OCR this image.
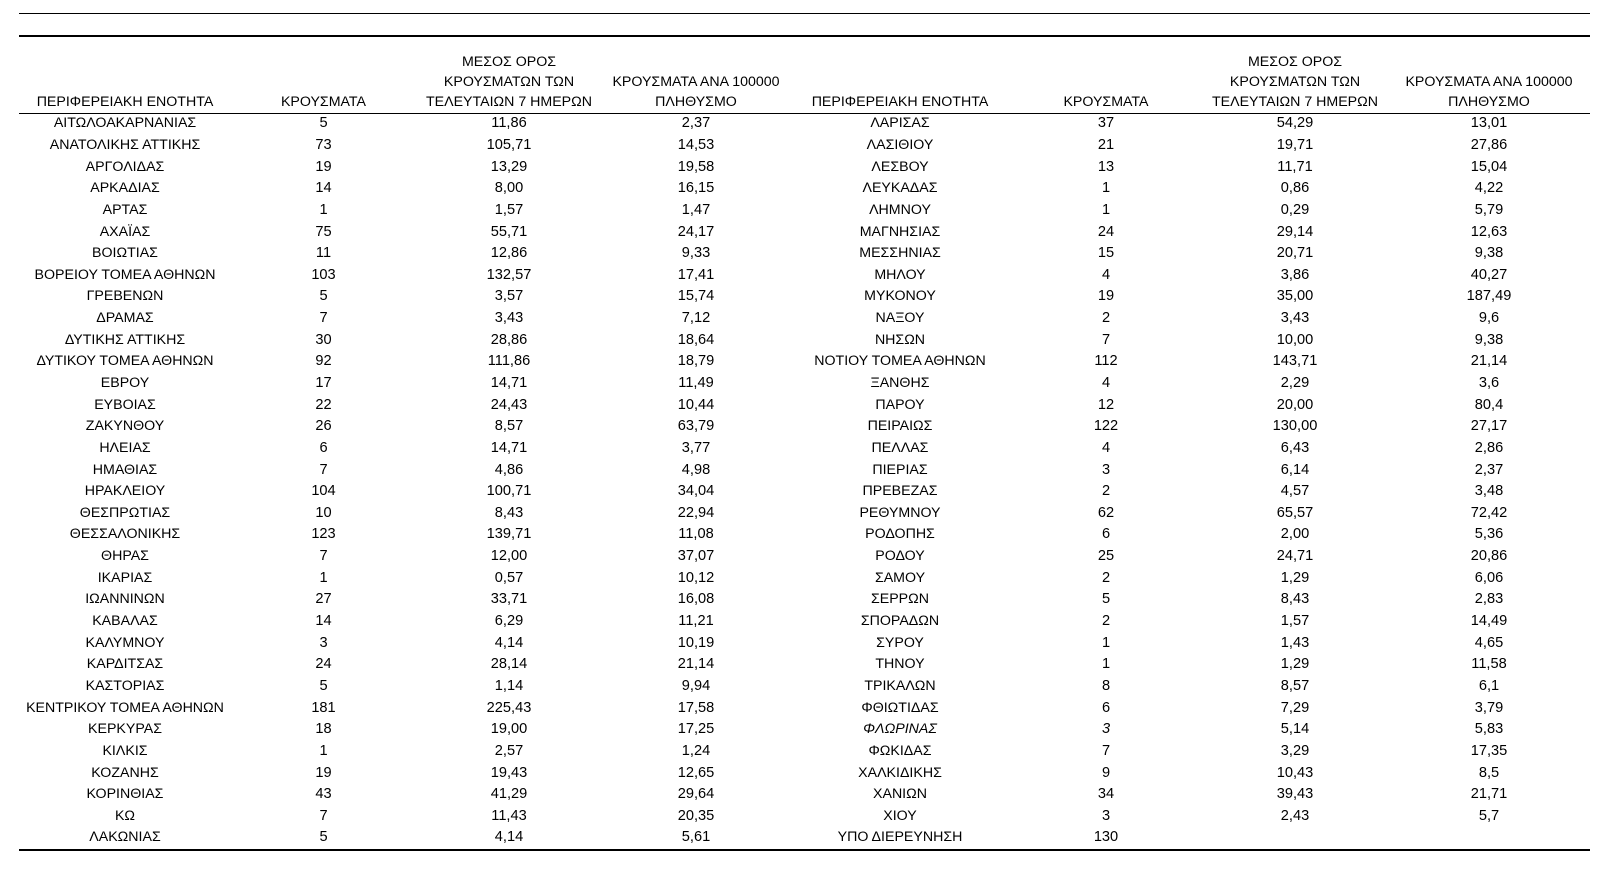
ΠΕΡΙΦΕΡΕΙΑΚΗ ΕΝΟΤΗΤΑ	ΚΡΟΥΣΜΑΤΑ	ΜΕΣΟΣ ΟΡΟΣ
ΚΡΟΥΣΜΑΤΩΝ ΤΩΝ
ΤΕΛΕΥΤΑΙΩΝ 7 ΗΜΕΡΩΝ	ΚΡΟΥΣΜΑΤΑ ΑΝΑ 100000
ΠΛΗΘΥΣΜΟ	ΠΕΡΙΦΕΡΕΙΑΚΗ ΕΝΟΤΗΤΑ	ΚΡΟΥΣΜΑΤΑ	ΜΕΣΟΣ ΟΡΟΣ
ΚΡΟΥΣΜΑΤΩΝ ΤΩΝ
ΤΕΛΕΥΤΑΙΩΝ 7 ΗΜΕΡΩΝ	ΚΡΟΥΣΜΑΤΑ ΑΝΑ 100000
ΠΛΗΘΥΣΜΟ
ΑΙΤΩΛΟΑΚΑΡΝΑΝΙΑΣ	5	11,86	2,37	ΛΑΡΙΣΑΣ	37	54,29	13,01
ΑΝΑΤΟΛΙΚΗΣ ΑΤΤΙΚΗΣ	73	105,71	14,53	ΛΑΣΙΘΙΟΥ	21	19,71	27,86
ΑΡΓΟΛΙΔΑΣ	19	13,29	19,58	ΛΕΣΒΟΥ	13	11,71	15,04
ΑΡΚΑΔΙΑΣ	14	8,00	16,15	ΛΕΥΚΑΔΑΣ	1	0,86	4,22
ΑΡΤΑΣ	1	1,57	1,47	ΛΗΜΝΟΥ	1	0,29	5,79
ΑΧΑΪΑΣ	75	55,71	24,17	ΜΑΓΝΗΣΙΑΣ	24	29,14	12,63
ΒΟΙΩΤΙΑΣ	11	12,86	9,33	ΜΕΣΣΗΝΙΑΣ	15	20,71	9,38
ΒΟΡΕΙΟΥ ΤΟΜΕΑ ΑΘΗΝΩΝ	103	132,57	17,41	ΜΗΛΟΥ	4	3,86	40,27
ΓΡΕΒΕΝΩΝ	5	3,57	15,74	ΜΥΚΟΝΟΥ	19	35,00	187,49
ΔΡΑΜΑΣ	7	3,43	7,12	ΝΑΞΟΥ	2	3,43	9,6
ΔΥΤΙΚΗΣ ΑΤΤΙΚΗΣ	30	28,86	18,64	ΝΗΣΩΝ	7	10,00	9,38
ΔΥΤΙΚΟΥ ΤΟΜΕΑ ΑΘΗΝΩΝ	92	111,86	18,79	ΝΟΤΙΟΥ ΤΟΜΕΑ ΑΘΗΝΩΝ	112	143,71	21,14
ΕΒΡΟΥ	17	14,71	11,49	ΞΑΝΘΗΣ	4	2,29	3,6
ΕΥΒΟΙΑΣ	22	24,43	10,44	ΠΑΡΟΥ	12	20,00	80,4
ΖΑΚΥΝΘΟΥ	26	8,57	63,79	ΠΕΙΡΑΙΩΣ	122	130,00	27,17
ΗΛΕΙΑΣ	6	14,71	3,77	ΠΕΛΛΑΣ	4	6,43	2,86
ΗΜΑΘΙΑΣ	7	4,86	4,98	ΠΙΕΡΙΑΣ	3	6,14	2,37
ΗΡΑΚΛΕΙΟΥ	104	100,71	34,04	ΠΡΕΒΕΖΑΣ	2	4,57	3,48
ΘΕΣΠΡΩΤΙΑΣ	10	8,43	22,94	ΡΕΘΥΜΝΟΥ	62	65,57	72,42
ΘΕΣΣΑΛΟΝΙΚΗΣ	123	139,71	11,08	ΡΟΔΟΠΗΣ	6	2,00	5,36
ΘΗΡΑΣ	7	12,00	37,07	ΡΟΔΟΥ	25	24,71	20,86
ΙΚΑΡΙΑΣ	1	0,57	10,12	ΣΑΜΟΥ	2	1,29	6,06
ΙΩΑΝΝΙΝΩΝ	27	33,71	16,08	ΣΕΡΡΩΝ	5	8,43	2,83
ΚΑΒΑΛΑΣ	14	6,29	11,21	ΣΠΟΡΑΔΩΝ	2	1,57	14,49
ΚΑΛΥΜΝΟΥ	3	4,14	10,19	ΣΥΡΟΥ	1	1,43	4,65
ΚΑΡΔΙΤΣΑΣ	24	28,14	21,14	ΤΗΝΟΥ	1	1,29	11,58
ΚΑΣΤΟΡΙΑΣ	5	1,14	9,94	ΤΡΙΚΑΛΩΝ	8	8,57	6,1
ΚΕΝΤΡΙΚΟΥ ΤΟΜΕΑ ΑΘΗΝΩΝ	181	225,43	17,58	ΦΘΙΩΤΙΔΑΣ	6	7,29	3,79
ΚΕΡΚΥΡΑΣ	18	19,00	17,25	ΦΛΩΡΙΝΑΣ	3	5,14	5,83
ΚΙΛΚΙΣ	1	2,57	1,24	ΦΩΚΙΔΑΣ	7	3,29	17,35
ΚΟΖΑΝΗΣ	19	19,43	12,65	ΧΑΛΚΙΔΙΚΗΣ	9	10,43	8,5
ΚΟΡΙΝΘΙΑΣ	43	41,29	29,64	ΧΑΝΙΩΝ	34	39,43	21,71
ΚΩ	7	11,43	20,35	ΧΙΟΥ	3	2,43	5,7
ΛΑΚΩΝΙΑΣ	5	4,14	5,61	ΥΠΟ ΔΙΕΡΕΥΝΗΣΗ	130		
